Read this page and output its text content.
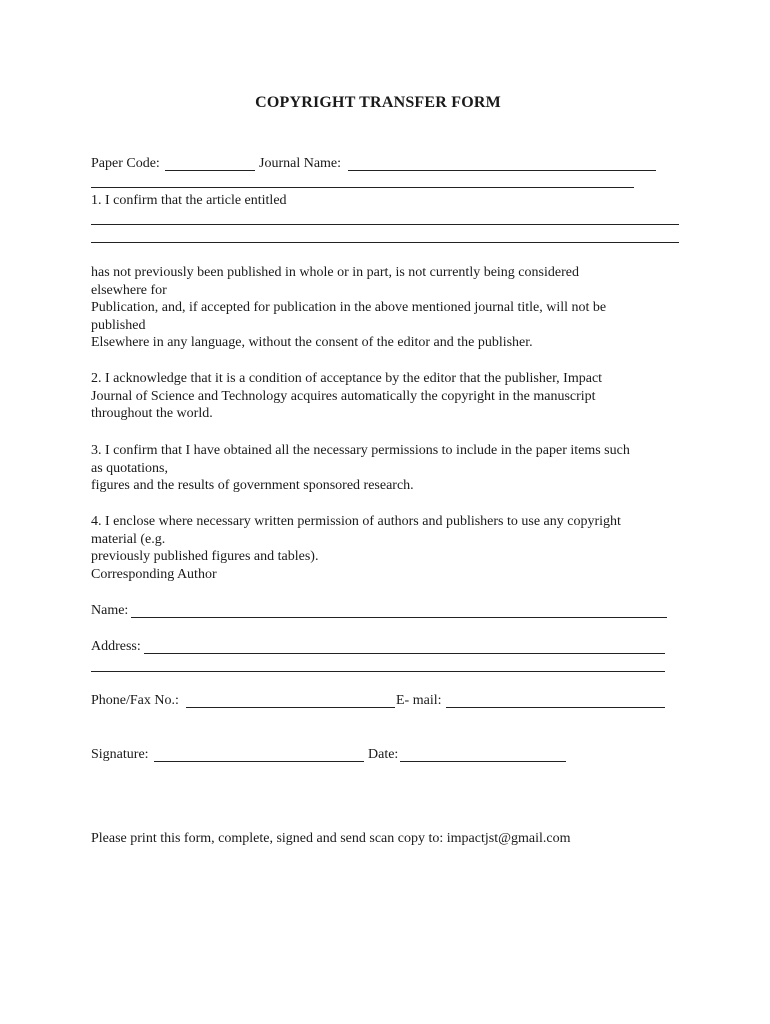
COPYRIGHT TRANSFER FORM
Paper Code:	Journal Name:
1. I confirm that the article entitled
has not previously been published in whole or in part, is not currently being considered
elsewhere for
Publication, and, if accepted for publication in the above mentioned journal title, will not be
published
Elsewhere in any language, without the consent of the editor and the publisher.
2. I acknowledge that it is a condition of acceptance by the editor that the publisher, Impact
Journal of Science and Technology acquires automatically the copyright in the manuscript
throughout the world.
3. I confirm that I have obtained all the necessary permissions to include in the paper items such
as quotations,
figures and the results of government sponsored research.
4. I enclose where necessary written permission of authors and publishers to use any copyright
material (e.g.
previously published figures and tables).
Corresponding Author
Name:
Address:
Phone/Fax No.:	E- mail:
Signature:	Date:
Please print this form, complete, signed and send scan copy to: impactjst@gmail.com
